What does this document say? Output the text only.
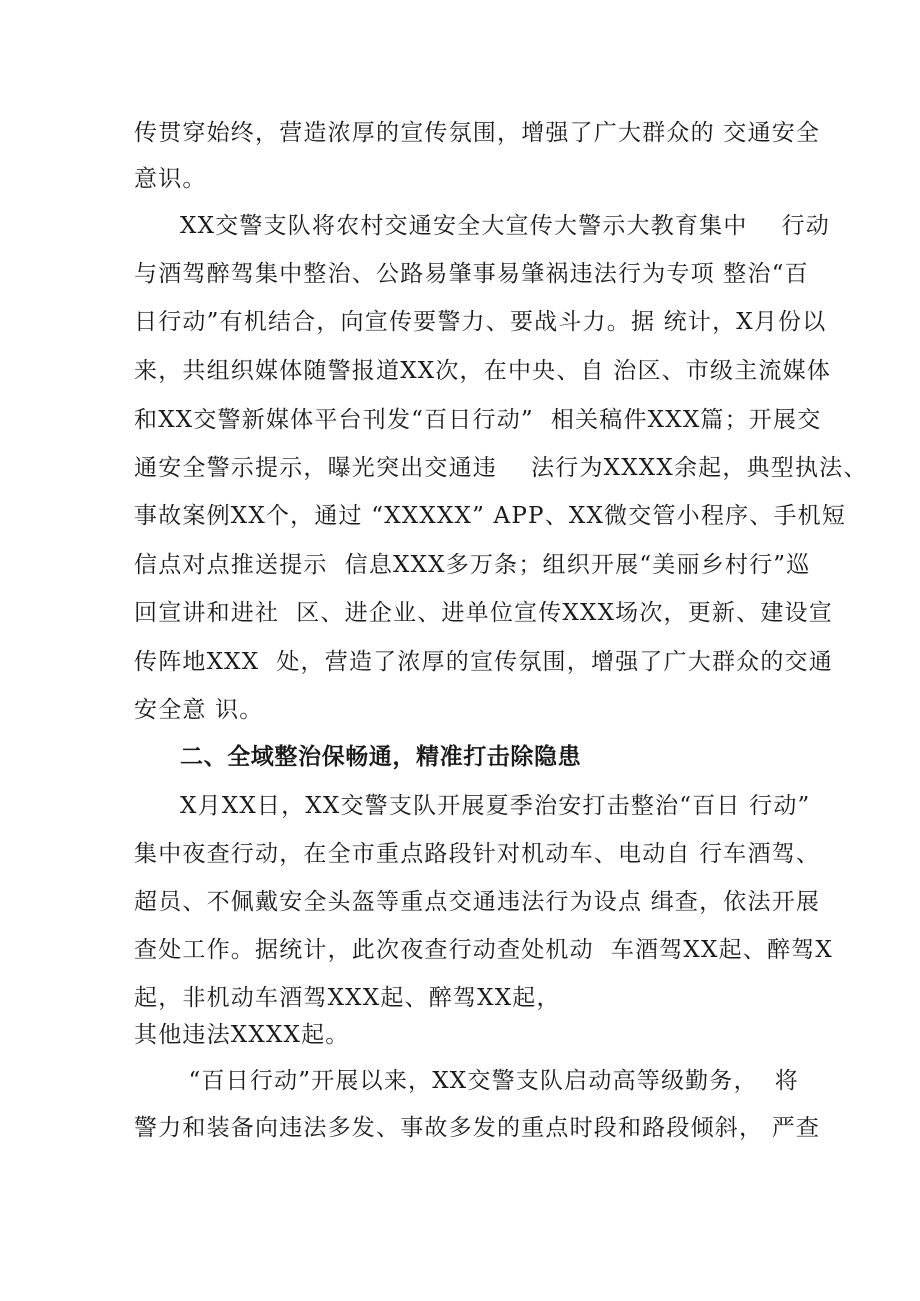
传贯穿始终，营造浓厚的宣传氛围，增强了广大群众的 交通安全
意识。
XX交警支队将农村交通安全大宣传大警示大教育集中    行动
与酒驾醉驾集中整治、公路易肇事易肇祸违法行为专项 整治“百
日行动”有机结合，向宣传要警力、要战斗力。据 统计，X月份以
来，共组织媒体随警报道XX次，在中央、自 治区、市级主流媒体
和XX交警新媒体平台刊发“百日行动”  相关稿件XXX篇；开展交
通安全警示提示，曝光突出交通违    法行为XXXX余起，典型执法、
事故案例XX个，通过 “XXXXX” APP、XX微交管小程序、手机短
信点对点推送提示  信息XXX多万条；组织开展“美丽乡村行”巡
回宣讲和进社  区、进企业、进单位宣传XXX场次，更新、建设宣
传阵地XXX  处，营造了浓厚的宣传氛围，增强了广大群众的交通
安全意 识。
二、全域整治保畅通，精准打击除隐患
X月XX日，XX交警支队开展夏季治安打击整治“百日 行动”
集中夜查行动，在全市重点路段针对机动车、电动自 行车酒驾、
超员、不佩戴安全头盔等重点交通违法行为设点 缉查，依法开展
查处工作。据统计，此次夜查行动查处机动  车酒驾XX起、醉驾X
起，非机动车酒驾XXX起、醉驾XX起，
其他违法XXXX起。
“百日行动”开展以来，XX交警支队启动高等级勤务，  将
警力和装备向违法多发、事故多发的重点时段和路段倾斜， 严查
